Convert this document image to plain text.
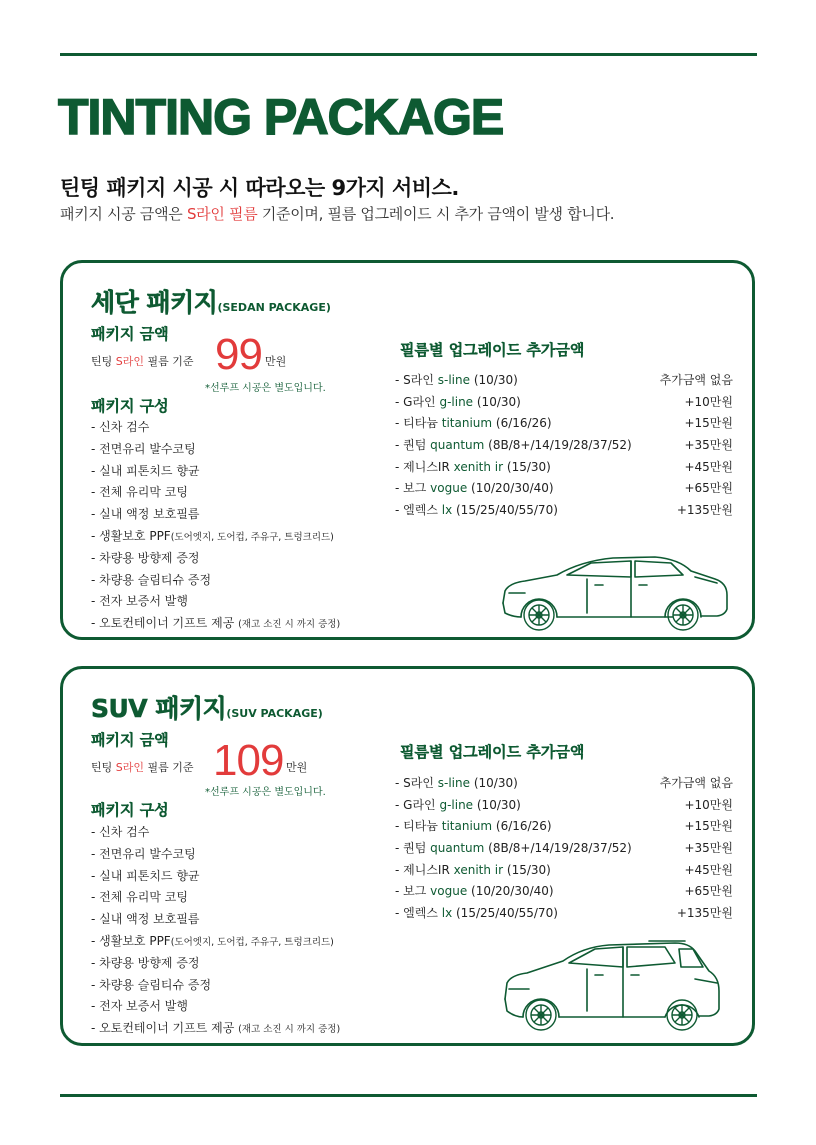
TINTING PACKAGE
틴팅 패키지 시공 시 따라오는 9가지 서비스.
패키지 시공 금액은 S라인 필름 기준이며, 필름 업그레이드 시 추가 금액이 발생 합니다.
세단 패키지(SEDAN PACKAGE)
패키지 금액
틴팅 S라인 필름 기준 99 만원
*선루프 시공은 별도입니다.
패키지 구성
- 신차 검수
- 전면유리 발수코팅
- 실내 피톤치드 향균
- 전체 유리막 코팅
- 실내 액정 보호필름
- 생활보호 PPF(도어엣지, 도어컵, 주유구, 트렁크리드)
- 차량용 방향제 증정
- 차량용 슬림티슈 증정
- 전자 보증서 발행
- 오토컨테이너 기프트 제공 (재고 소진 시 까지 증정)
필름별 업그레이드 추가금액
- S라인 s-line (10/30)	추가금액 없음
- G라인 g-line (10/30)	+10만원
- 티타늄 titanium (6/16/26)	+15만원
- 퀀텀 quantum (8B/8+/14/19/28/37/52)	+35만원
- 제니스IR xenith ir (15/30)	+45만원
- 보그 vogue (10/20/30/40)	+65만원
- 엘렉스 lx (15/25/40/55/70)	+135만원
SUV 패키지(SUV PACKAGE)
패키지 금액
틴팅 S라인 필름 기준 109 만원
*선루프 시공은 별도입니다.
패키지 구성
- 신차 검수
- 전면유리 발수코팅
- 실내 피톤치드 향균
- 전체 유리막 코팅
- 실내 액정 보호필름
- 생활보호 PPF(도어엣지, 도어컵, 주유구, 트렁크리드)
- 차량용 방향제 증정
- 차량용 슬림티슈 증정
- 전자 보증서 발행
- 오토컨테이너 기프트 제공 (재고 소진 시 까지 증정)
필름별 업그레이드 추가금액
- S라인 s-line (10/30)	추가금액 없음
- G라인 g-line (10/30)	+10만원
- 티타늄 titanium (6/16/26)	+15만원
- 퀀텀 quantum (8B/8+/14/19/28/37/52)	+35만원
- 제니스IR xenith ir (15/30)	+45만원
- 보그 vogue (10/20/30/40)	+65만원
- 엘렉스 lx (15/25/40/55/70)	+135만원
